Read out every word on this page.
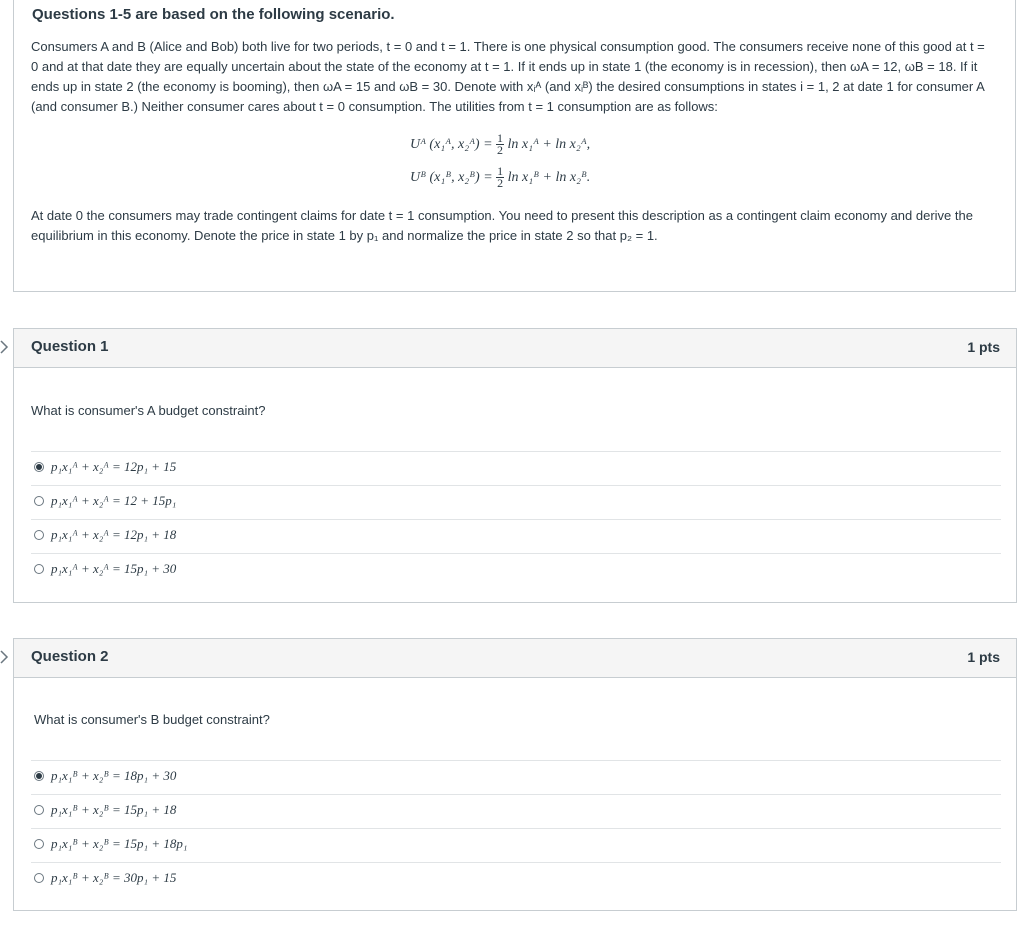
Questions 1-5 are based on the following scenario.
Consumers A and B (Alice and Bob) both live for two periods, t = 0 and t = 1. There is one physical consumption good. The consumers receive none of this good at t = 0 and at that date they are equally uncertain about the state of the economy at t = 1. If it ends up in state 1 (the economy is in recession), then ωA = 12, ωB = 18. If it ends up in state 2 (the economy is booming), then ωA = 15 and ωB = 30. Denote with xᵢᴬ (and xᵢᴮ) the desired consumptions in states i = 1, 2 at date 1 for consumer A (and consumer B.) Neither consumer cares about t = 0 consumption. The utilities from t = 1 consumption are as follows:
Uᴬ (x₁ᴬ, x₂ᴬ) = $\frac{1}{2}$ ln x₁ᴬ + ln x₂ᴬ,
Uᴮ (x₁ᴮ, x₂ᴮ) = $\frac{1}{2}$ ln x₁ᴮ + ln x₂ᴮ.
At date 0 the consumers may trade contingent claims for date t = 1 consumption. You need to present this description as a contingent claim economy and derive the equilibrium in this economy. Denote the price in state 1 by p₁ and normalize the price in state 2 so that p₂ = 1.
Question 1	1 pts
What is consumer's A budget constraint?
p₁x₁ᴬ + x₂ᴬ = 12p₁ + 15
p₁x₁ᴬ + x₂ᴬ = 12 + 15p₁
p₁x₁ᴬ + x₂ᴬ = 12p₁ + 18
p₁x₁ᴬ + x₂ᴬ = 15p₁ + 30
Question 2	1 pts
What is consumer's B budget constraint?
p₁x₁ᴮ + x₂ᴮ = 18p₁ + 30
p₁x₁ᴮ + x₂ᴮ = 15p₁ + 18
p₁x₁ᴮ + x₂ᴮ = 15p₁ + 18p₁
p₁x₁ᴮ + x₂ᴮ = 30p₁ + 15
